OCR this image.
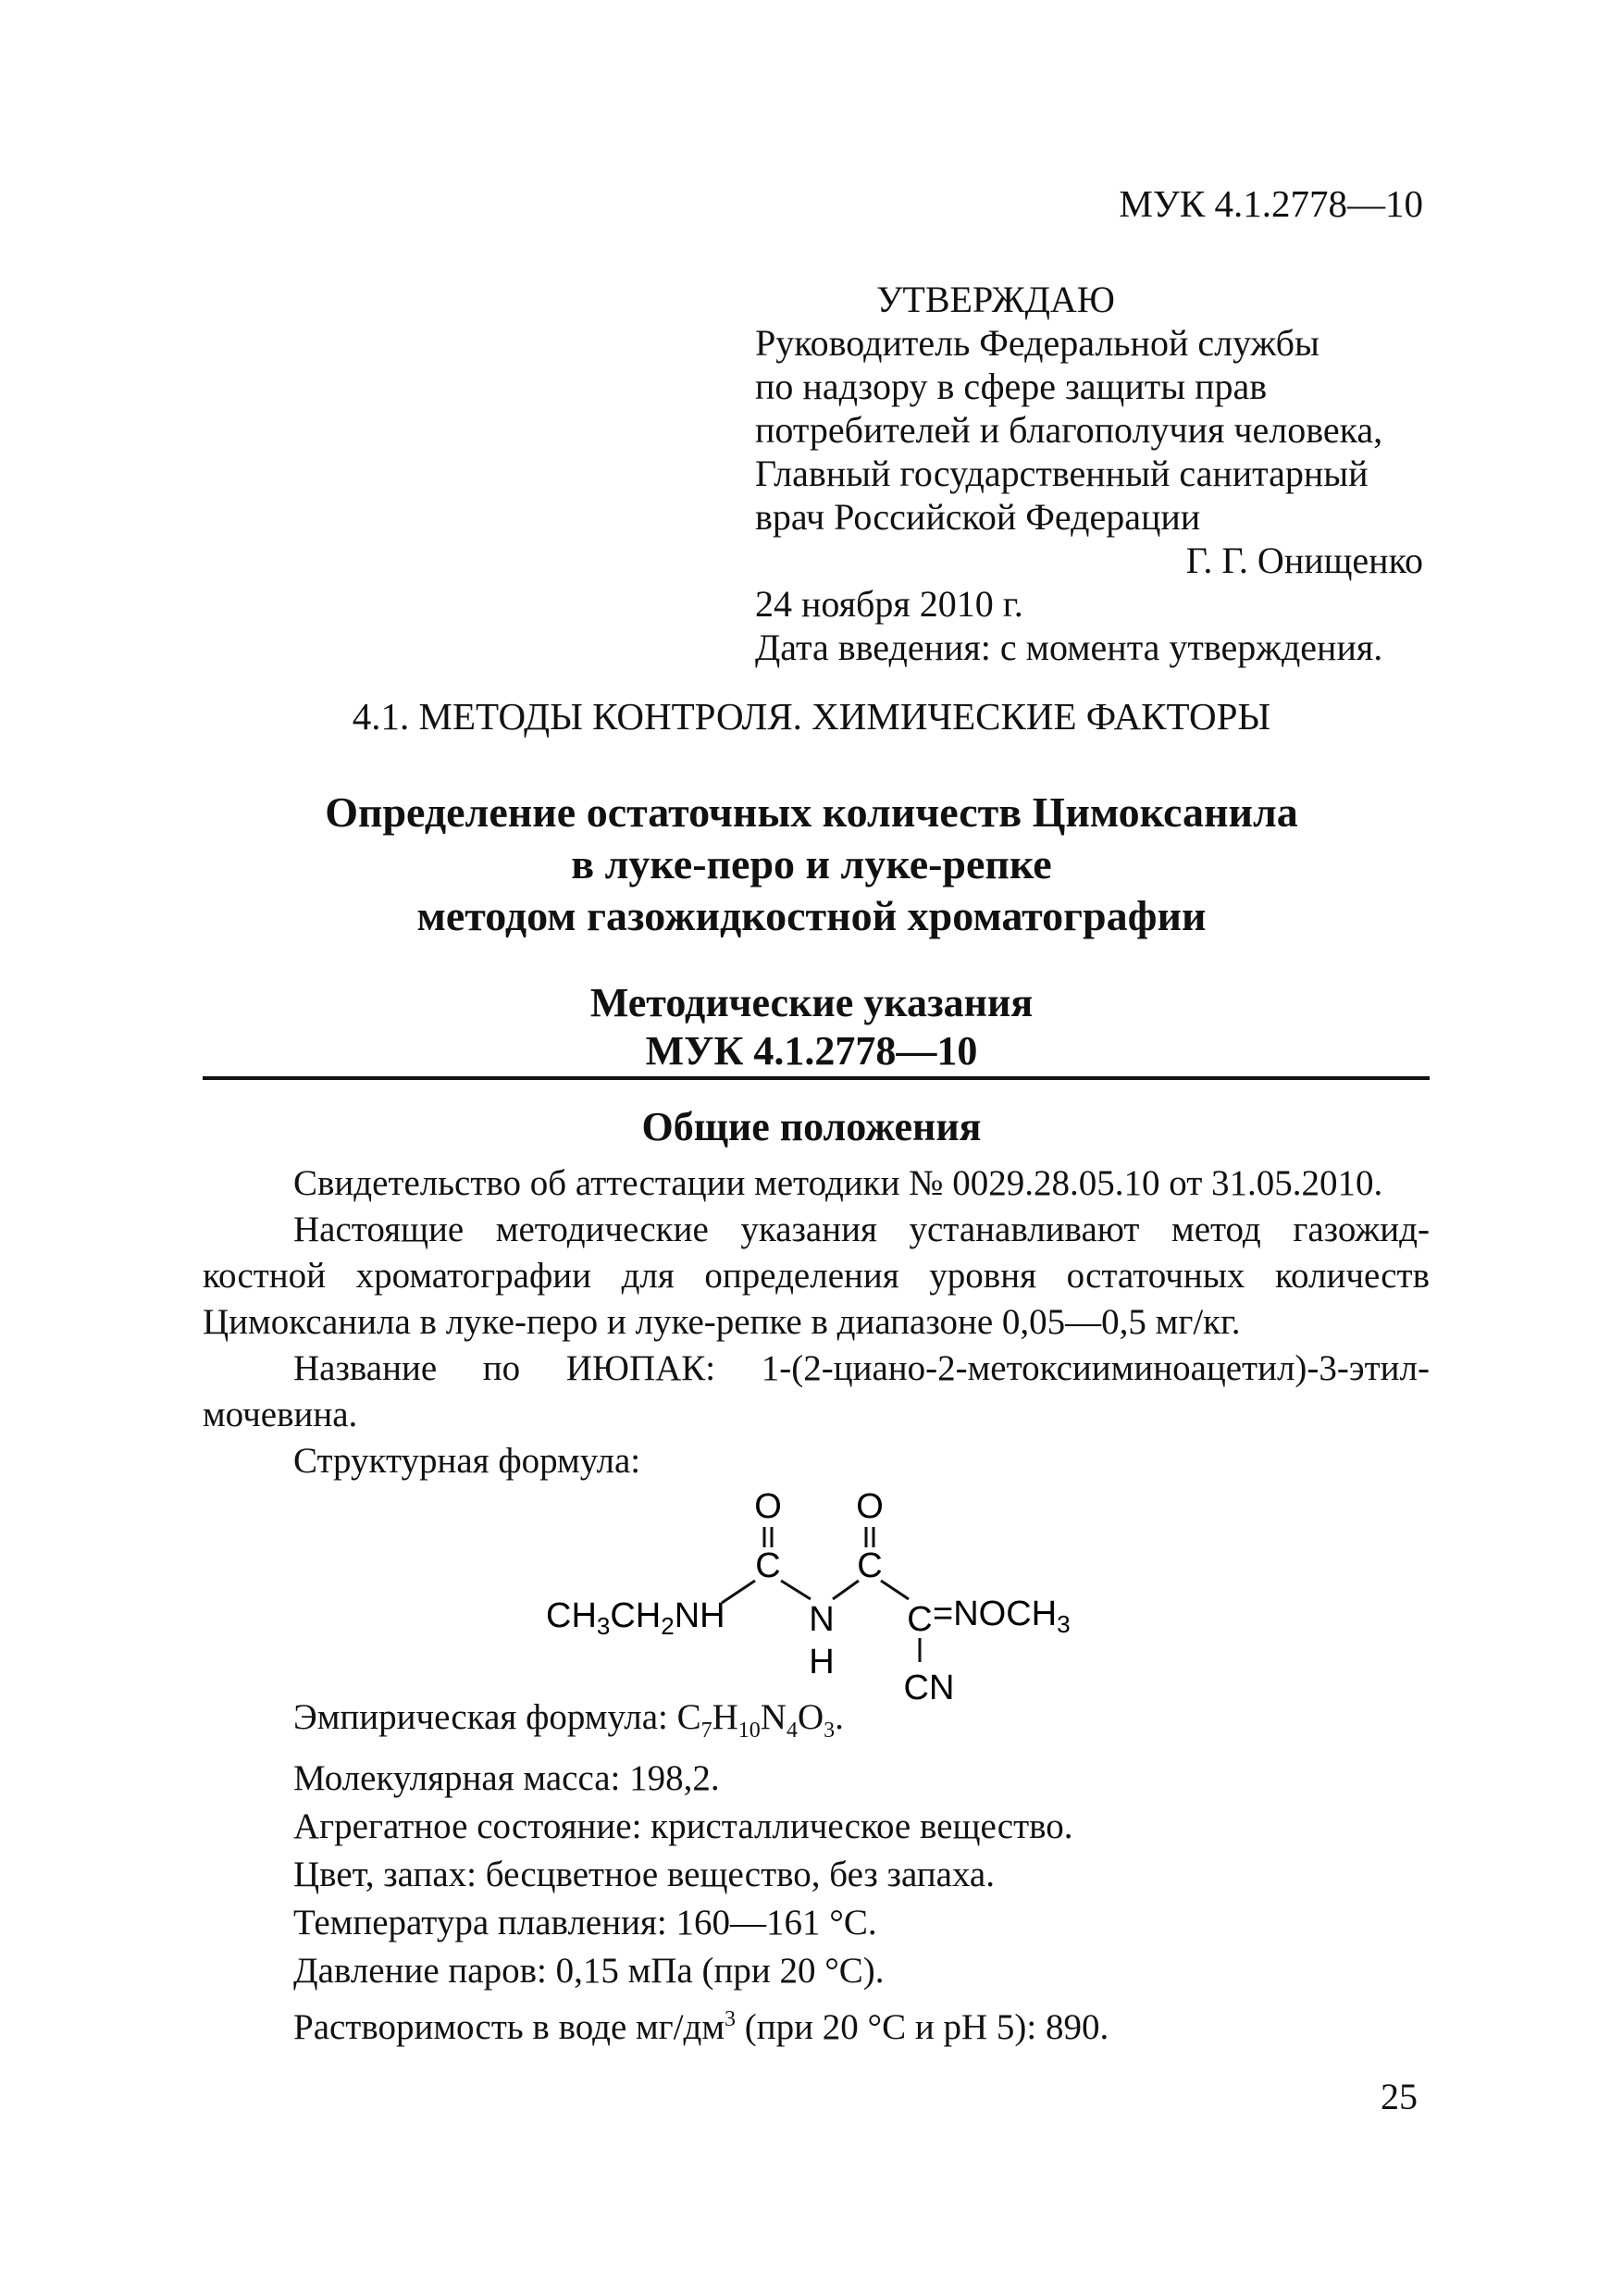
МУК 4.1.2778—10
УТВЕРЖДАЮ
Руководитель Федеральной службы
по надзору в сфере защиты прав
потребителей и благополучия человека,
Главный государственный санитарный
врач Российской Федерации
Г. Г. Онищенко
24 ноября 2010 г.
Дата введения: с момента утверждения.
4.1. МЕТОДЫ КОНТРОЛЯ. ХИМИЧЕСКИЕ ФАКТОРЫ
Определение остаточных количеств Цимоксанила
в луке-перо и луке-репке
методом газожидкостной хроматографии
Методические указания
МУК 4.1.2778—10
Общие положения

Свидетельство об аттестации методики № 0029.28.05.10 от 31.05.2010.

Настоящие методические указания устанавливают метод газожид-костной хроматографии для определения уровня остаточных количеств Цимоксанила в луке-перо и луке-репке в диапазоне 0,05—0,5 мг/кг.

Название по ИЮПАК: 1-(2-циано-2-метоксииминоацетил)-3-этил-мочевина.

Структурная формула:

O O
C C
$CH_3CH_2NH$ N
H
$C =NOCH_3$
CN
Эмпирическая формула: $C_7H_{10}N_4O_3$.
Молекулярная масса: 198,2.
Агрегатное состояние: кристаллическое вещество.
Цвет, запах: бесцветное вещество, без запаха.
Температура плавления: 160—161 °С.
Давление паров: 0,15 мПа (при 20 °С).
Растворимость в воде $мг/дм^3$ (при 20 °С и рН 5): 890.
25
